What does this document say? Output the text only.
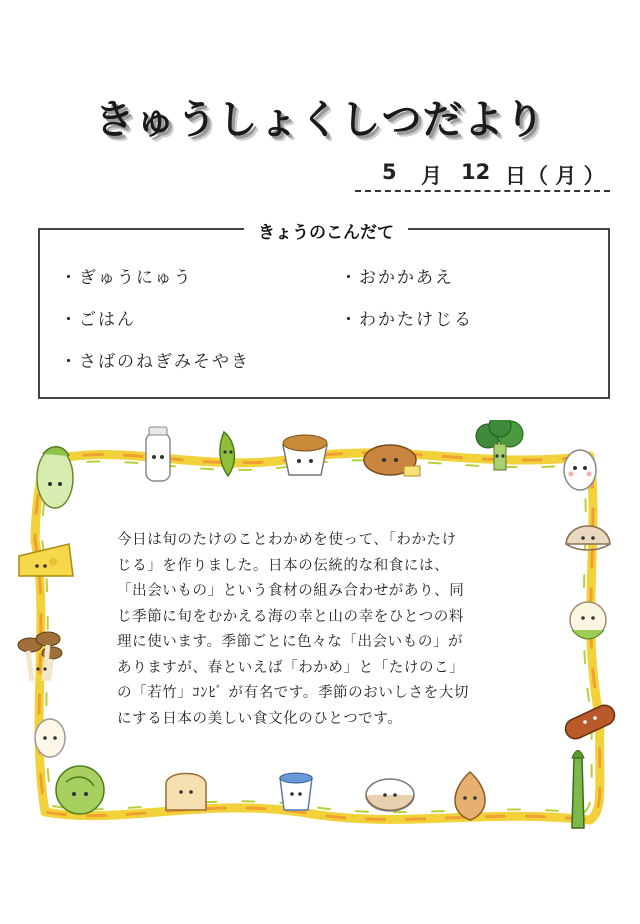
きゅうしょくしつだより
5 月 12 日 （ 月 ）
きょうのこんだて
・ぎゅうにゅう
・ごはん
・さばのねぎみそやき
・おかかあえ
・わかたけじる
今日は旬のたけのことわかめを使って、「わかたけ
じる」を作りました。日本の伝統的な和食には、
「出会いもの」という食材の組み合わせがあり、同
じ季節に旬をむかえる海の幸と山の幸をひとつの料
理に使います。季節ごとに色々な「出会いもの」が
ありますが、春といえば「わかめ」と「たけのこ」
の「若竹」ｺﾝﾋﾞ が有名です。季節のおいしさを大切
にする日本の美しい食文化のひとつです。
